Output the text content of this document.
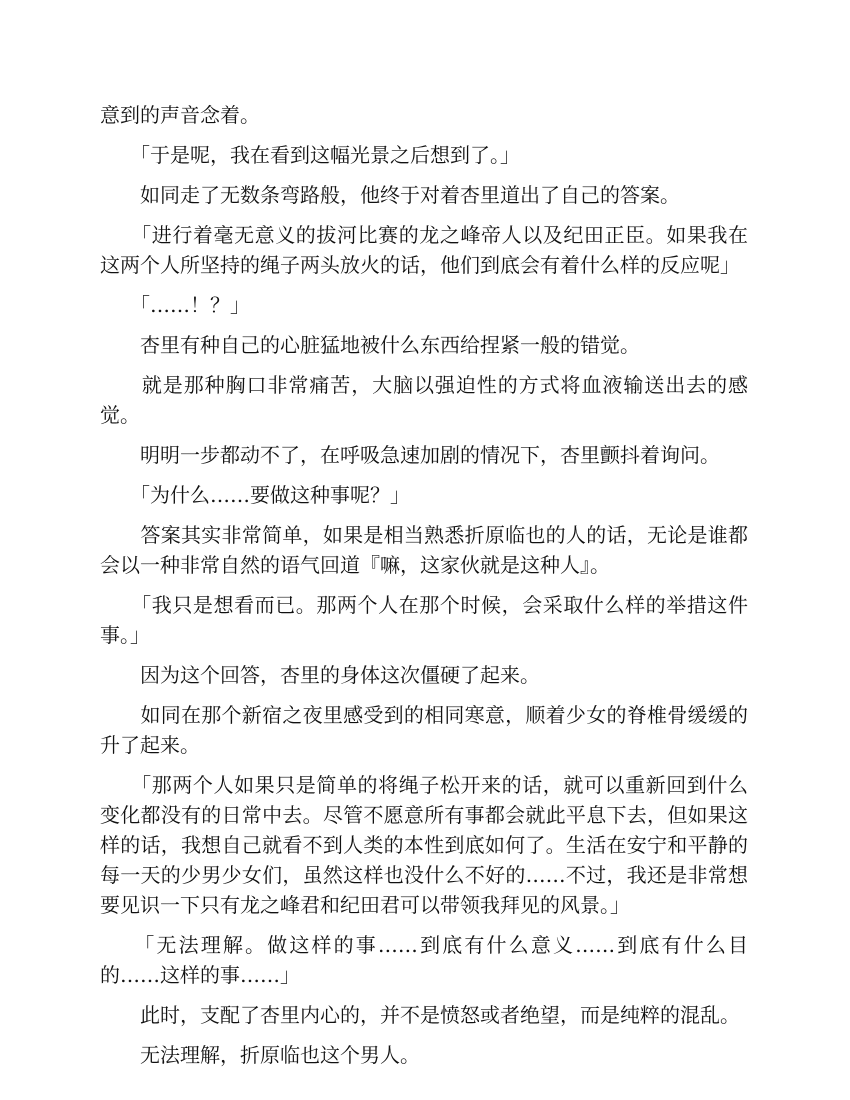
意到的声音念着。

　　「于是呢，我在看到这幅光景之后想到了。」

　　如同走了无数条弯路般，他终于对着杏里道出了自己的答案。

　　「进行着毫无意义的拔河比赛的龙之峰帝人以及纪田正臣。如果我在这两个人所坚持的绳子两头放火的话，他们到底会有着什么样的反应呢」

　　「……！？」

　　杏里有种自己的心脏猛地被什么东西给捏紧一般的错觉。

　　就是那种胸口非常痛苦，大脑以强迫性的方式将血液输送出去的感觉。

　　明明一步都动不了，在呼吸急速加剧的情况下，杏里颤抖着询问。

　　「为什么……要做这种事呢？」

　　答案其实非常简单，如果是相当熟悉折原临也的人的话，无论是谁都会以一种非常自然的语气回道『嘛，这家伙就是这种人』。

　　「我只是想看而已。那两个人在那个时候，会采取什么样的举措这件事。」

　　因为这个回答，杏里的身体这次僵硬了起来。

　　如同在那个新宿之夜里感受到的相同寒意，顺着少女的脊椎骨缓缓的升了起来。

　　「那两个人如果只是简单的将绳子松开来的话，就可以重新回到什么变化都没有的日常中去。尽管不愿意所有事都会就此平息下去，但如果这样的话，我想自己就看不到人类的本性到底如何了。生活在安宁和平静的每一天的少男少女们，虽然这样也没什么不好的……不过，我还是非常想要见识一下只有龙之峰君和纪田君可以带领我拜见的风景。」

　　「无法理解。做这样的事……到底有什么意义……到底有什么目的……这样的事……」

　　此时，支配了杏里内心的，并不是愤怒或者绝望，而是纯粹的混乱。

　　无法理解，折原临也这个男人。
